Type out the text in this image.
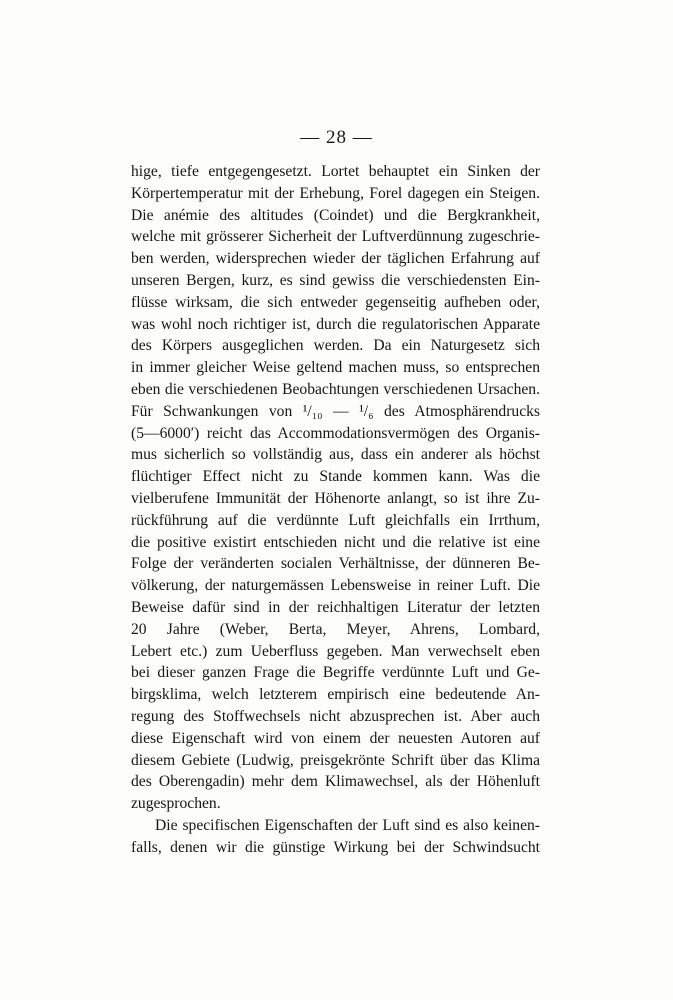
— 28 —
hige, tiefe entgegengesetzt. Lortet behauptet ein Sinken der
Körpertemperatur mit der Erhebung, Forel dagegen ein Steigen.
Die anémie des altitudes (Coindet) und die Bergkrankheit,
welche mit grösserer Sicherheit der Luftverdünnung zugeschrie-
ben werden, widersprechen wieder der täglichen Erfahrung auf
unseren Bergen, kurz, es sind gewiss die verschiedensten Ein-
flüsse wirksam, die sich entweder gegenseitig aufheben oder,
was wohl noch richtiger ist, durch die regulatorischen Apparate
des Körpers ausgeglichen werden. Da ein Naturgesetz sich
in immer gleicher Weise geltend machen muss, so entsprechen
eben die verschiedenen Beobachtungen verschiedenen Ursachen.
Für Schwankungen von ¹/₁₀ — ¹/₆ des Atmosphärendrucks
(5—6000′) reicht das Accommodationsvermögen des Organis-
mus sicherlich so vollständig aus, dass ein anderer als höchst
flüchtiger Effect nicht zu Stande kommen kann. Was die
vielberufene Immunität der Höhenorte anlangt, so ist ihre Zu-
rückführung auf die verdünnte Luft gleichfalls ein Irrthum,
die positive existirt entschieden nicht und die relative ist eine
Folge der veränderten socialen Verhältnisse, der dünneren Be-
völkerung, der naturgemässen Lebensweise in reiner Luft. Die
Beweise dafür sind in der reichhaltigen Literatur der letzten
20 Jahre (Weber, Berta, Meyer, Ahrens, Lombard,
Lebert etc.) zum Ueberfluss gegeben. Man verwechselt eben
bei dieser ganzen Frage die Begriffe verdünnte Luft und Ge-
birgsklima, welch letzterem empirisch eine bedeutende An-
regung des Stoffwechsels nicht abzusprechen ist. Aber auch
diese Eigenschaft wird von einem der neuesten Autoren auf
diesem Gebiete (Ludwig, preisgekrönte Schrift über das Klima
des Oberengadin) mehr dem Klimawechsel, als der Höhenluft
zugesprochen.
Die specifischen Eigenschaften der Luft sind es also keinen-
falls, denen wir die günstige Wirkung bei der Schwindsucht
